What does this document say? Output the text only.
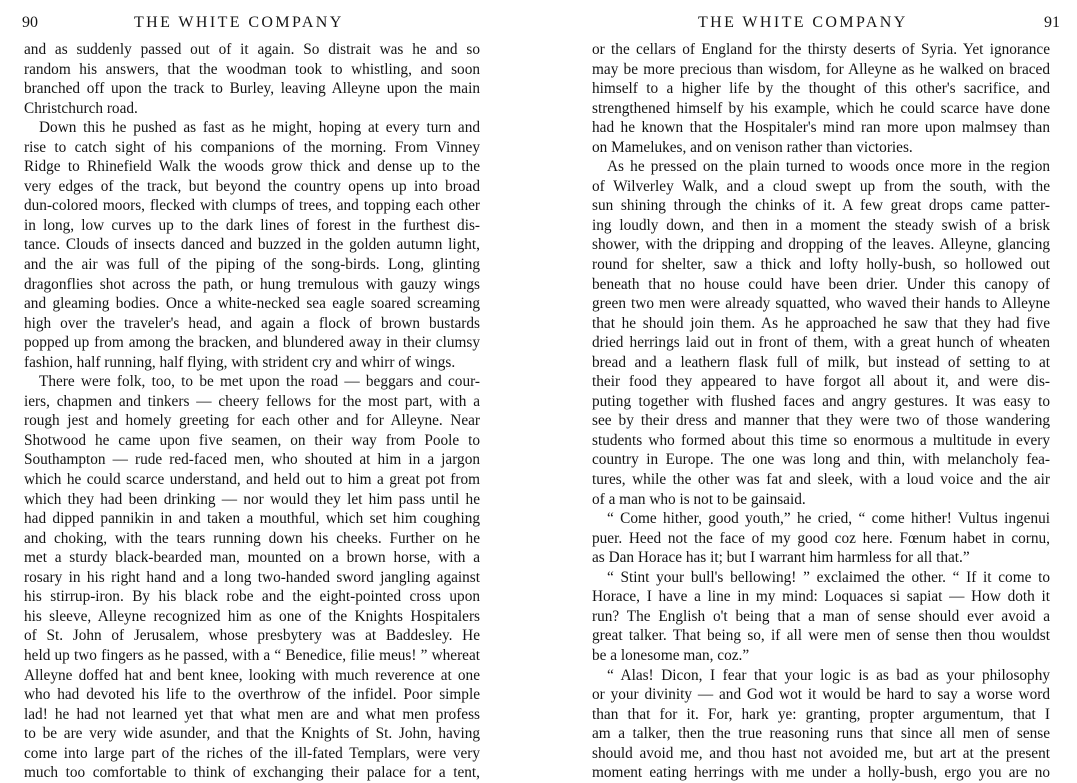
90	THE WHITE COMPANY
and as suddenly passed out of it again. So distrait was he and so
random his answers, that the woodman took to whistling, and soon
branched off upon the track to Burley, leaving Alleyne upon the main
Christchurch road.
Down this he pushed as fast as he might, hoping at every turn and
rise to catch sight of his companions of the morning. From Vinney
Ridge to Rhinefield Walk the woods grow thick and dense up to the
very edges of the track, but beyond the country opens up into broad
dun-colored moors, flecked with clumps of trees, and topping each other
in long, low curves up to the dark lines of forest in the furthest dis-
tance. Clouds of insects danced and buzzed in the golden autumn light,
and the air was full of the piping of the song-birds. Long, glinting
dragonflies shot across the path, or hung tremulous with gauzy wings
and gleaming bodies. Once a white-necked sea eagle soared screaming
high over the traveler's head, and again a flock of brown bustards
popped up from among the bracken, and blundered away in their clumsy
fashion, half running, half flying, with strident cry and whirr of wings.
There were folk, too, to be met upon the road — beggars and cour-
iers, chapmen and tinkers — cheery fellows for the most part, with a
rough jest and homely greeting for each other and for Alleyne. Near
Shotwood he came upon five seamen, on their way from Poole to
Southampton — rude red-faced men, who shouted at him in a jargon
which he could scarce understand, and held out to him a great pot from
which they had been drinking — nor would they let him pass until he
had dipped pannikin in and taken a mouthful, which set him coughing
and choking, with the tears running down his cheeks. Further on he
met a sturdy black-bearded man, mounted on a brown horse, with a
rosary in his right hand and a long two-handed sword jangling against
his stirrup-iron. By his black robe and the eight-pointed cross upon
his sleeve, Alleyne recognized him as one of the Knights Hospitalers
of St. John of Jerusalem, whose presbytery was at Baddesley. He
held up two fingers as he passed, with a “ Benedice, filie meus! ” whereat
Alleyne doffed hat and bent knee, looking with much reverence at one
who had devoted his life to the overthrow of the infidel. Poor simple
lad! he had not learned yet that what men are and what men profess
to be are very wide asunder, and that the Knights of St. John, having
come into large part of the riches of the ill-fated Templars, were very
much too comfortable to think of exchanging their palace for a tent,
THE WHITE COMPANY	91
or the cellars of England for the thirsty deserts of Syria. Yet ignorance
may be more precious than wisdom, for Alleyne as he walked on braced
himself to a higher life by the thought of this other's sacrifice, and
strengthened himself by his example, which he could scarce have done
had he known that the Hospitaler's mind ran more upon malmsey than
on Mamelukes, and on venison rather than victories.
As he pressed on the plain turned to woods once more in the region
of Wilverley Walk, and a cloud swept up from the south, with the
sun shining through the chinks of it. A few great drops came patter-
ing loudly down, and then in a moment the steady swish of a brisk
shower, with the dripping and dropping of the leaves. Alleyne, glancing
round for shelter, saw a thick and lofty holly-bush, so hollowed out
beneath that no house could have been drier. Under this canopy of
green two men were already squatted, who waved their hands to Alleyne
that he should join them. As he approached he saw that they had five
dried herrings laid out in front of them, with a great hunch of wheaten
bread and a leathern flask full of milk, but instead of setting to at
their food they appeared to have forgot all about it, and were dis-
puting together with flushed faces and angry gestures. It was easy to
see by their dress and manner that they were two of those wandering
students who formed about this time so enormous a multitude in every
country in Europe. The one was long and thin, with melancholy fea-
tures, while the other was fat and sleek, with a loud voice and the air
of a man who is not to be gainsaid.
“ Come hither, good youth,” he cried, “ come hither! Vultus ingenui
puer. Heed not the face of my good coz here. Fœnum habet in cornu,
as Dan Horace has it; but I warrant him harmless for all that.”
“ Stint your bull's bellowing! ” exclaimed the other. “ If it come to
Horace, I have a line in my mind: Loquaces si sapiat — How doth it
run? The English o't being that a man of sense should ever avoid a
great talker. That being so, if all were men of sense then thou wouldst
be a lonesome man, coz.”
“ Alas! Dicon, I fear that your logic is as bad as your philosophy
or your divinity — and God wot it would be hard to say a worse word
than that for it. For, hark ye: granting, propter argumentum, that I
am a talker, then the true reasoning runs that since all men of sense
should avoid me, and thou hast not avoided me, but art at the present
moment eating herrings with me under a holly-bush, ergo you are no
